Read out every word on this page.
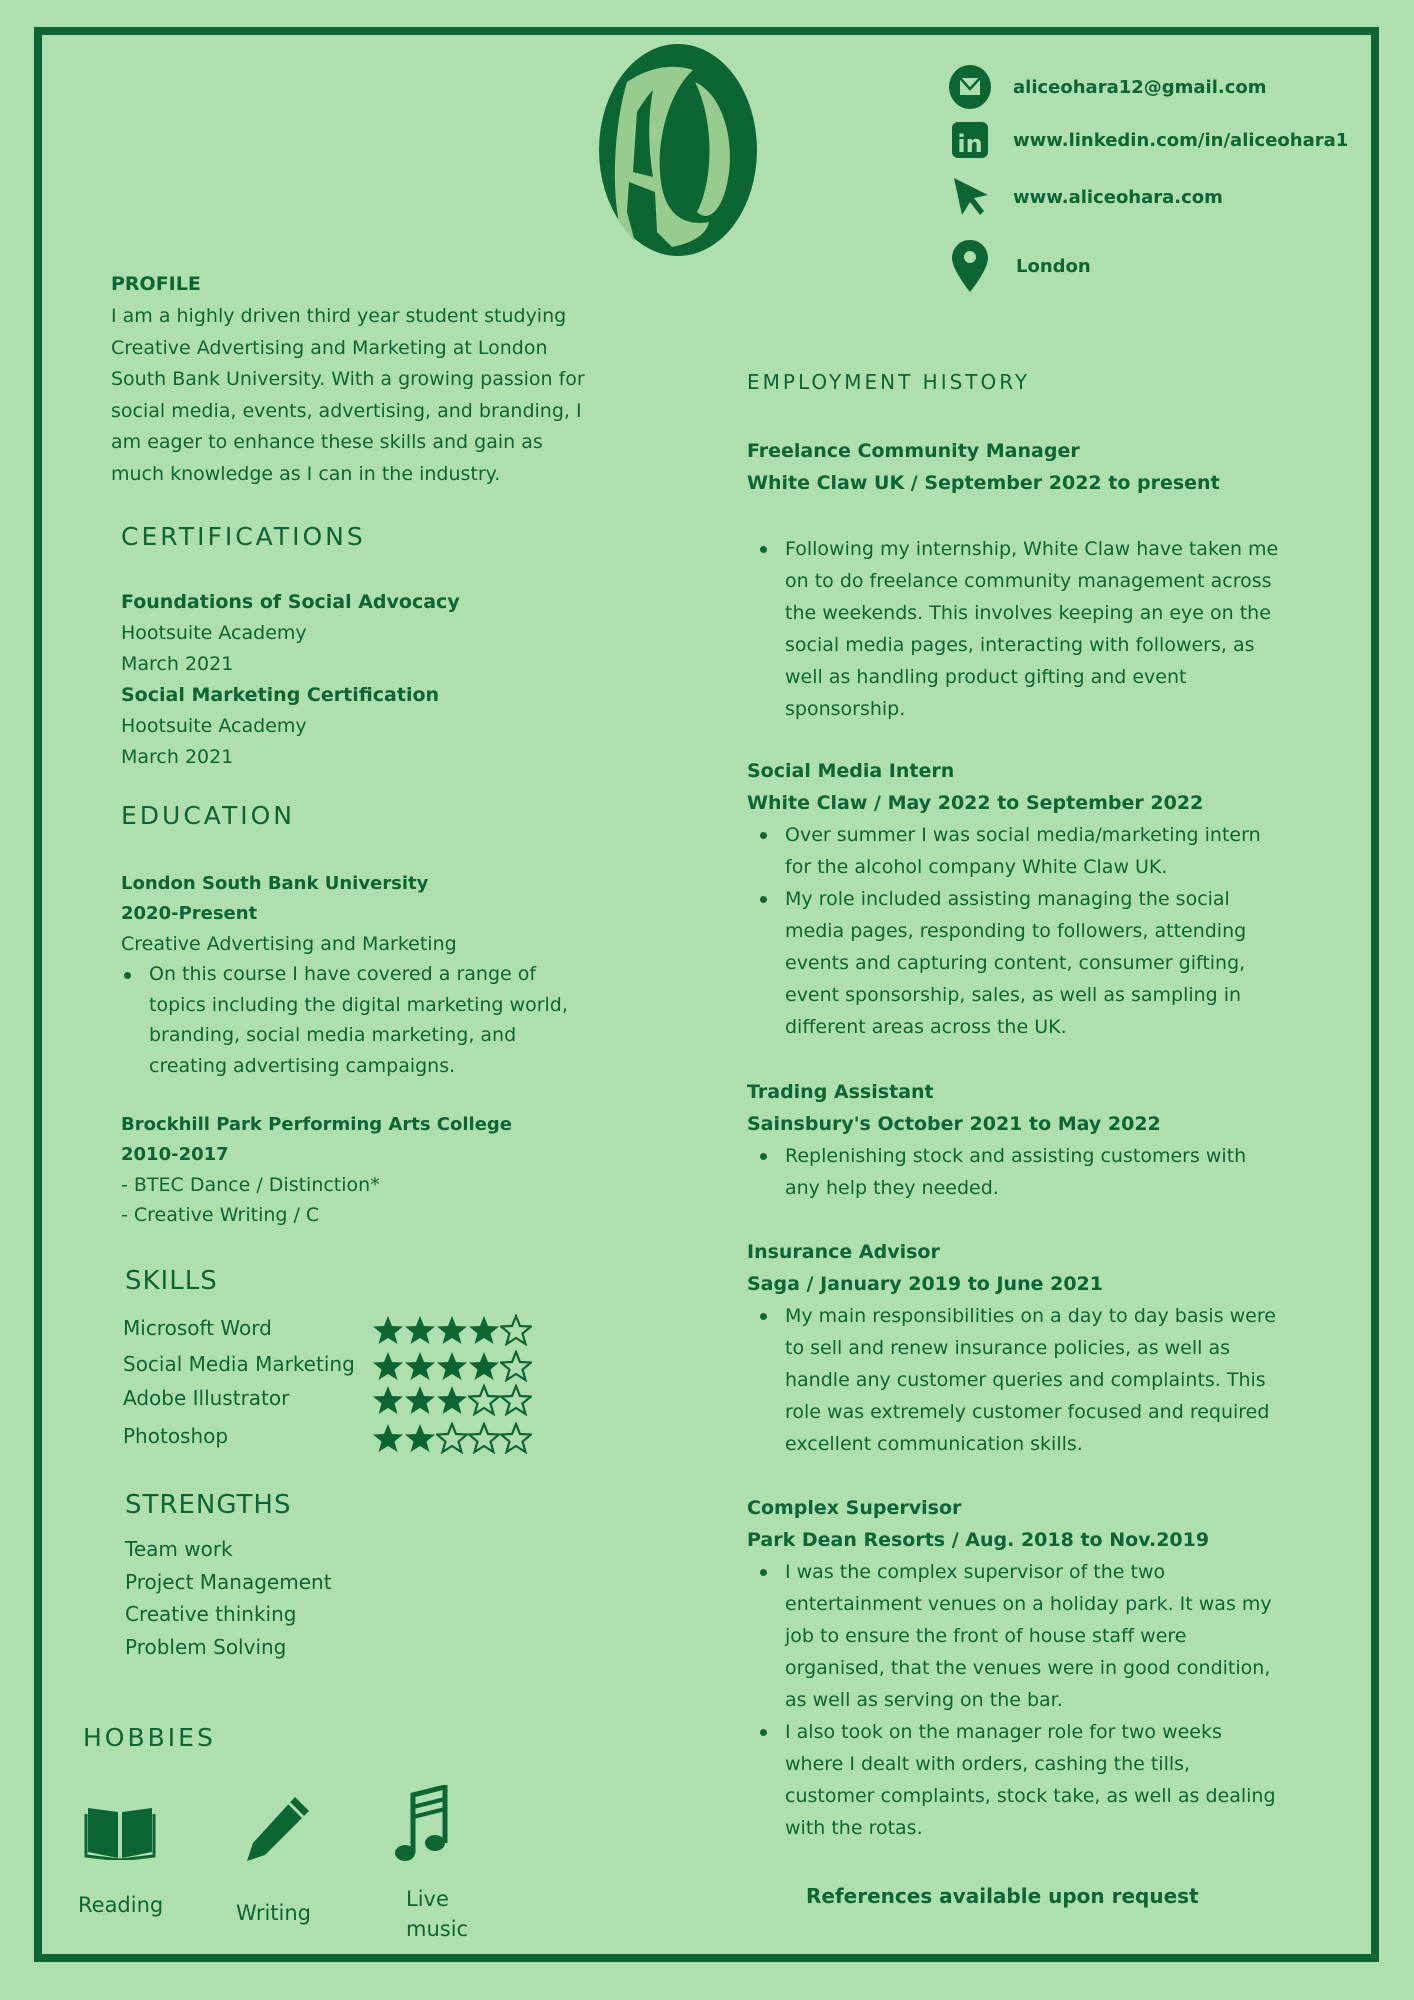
aliceohara12@gmail.com
in www.linkedin.com/in/aliceohara1
www.aliceohara.com
London
PROFILE
I am a highly driven third year student studying
Creative Advertising and Marketing at London
South Bank University. With a growing passion for
social media, events, advertising, and branding, I
am eager to enhance these skills and gain as
much knowledge as I can in the industry.
CERTIFICATIONS
Foundations of Social Advocacy
Hootsuite Academy
March 2021
Social Marketing Certification
Hootsuite Academy
March 2021
EDUCATION
London South Bank University
2020-Present
Creative Advertising and Marketing
On this course I have covered a range of
topics including the digital marketing world,
branding, social media marketing, and
creating advertising campaigns.
Brockhill Park Performing Arts College
2010-2017
- BTEC Dance / Distinction*
- Creative Writing / C
SKILLS
Microsoft Word
Social Media Marketing
Adobe Illustrator
Photoshop
STRENGTHS
Team work
Project Management
Creative thinking
Problem Solving
HOBBIES
Reading	Writing
Live
music
EMPLOYMENT HISTORY
Freelance Community Manager
White Claw UK / September 2022 to present
Following my internship, White Claw have taken me
on to do freelance community management across
the weekends. This involves keeping an eye on the
social media pages, interacting with followers, as
well as handling product gifting and event
sponsorship.
Social Media Intern
White Claw / May 2022 to September 2022
Over summer I was social media/marketing intern
for the alcohol company White Claw UK.
My role included assisting managing the social
media pages, responding to followers, attending
events and capturing content, consumer gifting,
event sponsorship, sales, as well as sampling in
different areas across the UK.
Trading Assistant
Sainsbury's October 2021 to May 2022
Replenishing stock and assisting customers with
any help they needed.
Insurance Advisor
Saga / January 2019 to June 2021
My main responsibilities on a day to day basis were
to sell and renew insurance policies, as well as
handle any customer queries and complaints. This
role was extremely customer focused and required
excellent communication skills.
Complex Supervisor
Park Dean Resorts / Aug. 2018 to Nov.2019
I was the complex supervisor of the two
entertainment venues on a holiday park. It was my
job to ensure the front of house staff were
organised, that the venues were in good condition,
as well as serving on the bar.
I also took on the manager role for two weeks
where I dealt with orders, cashing the tills,
customer complaints, stock take, as well as dealing
with the rotas.
References available upon request
